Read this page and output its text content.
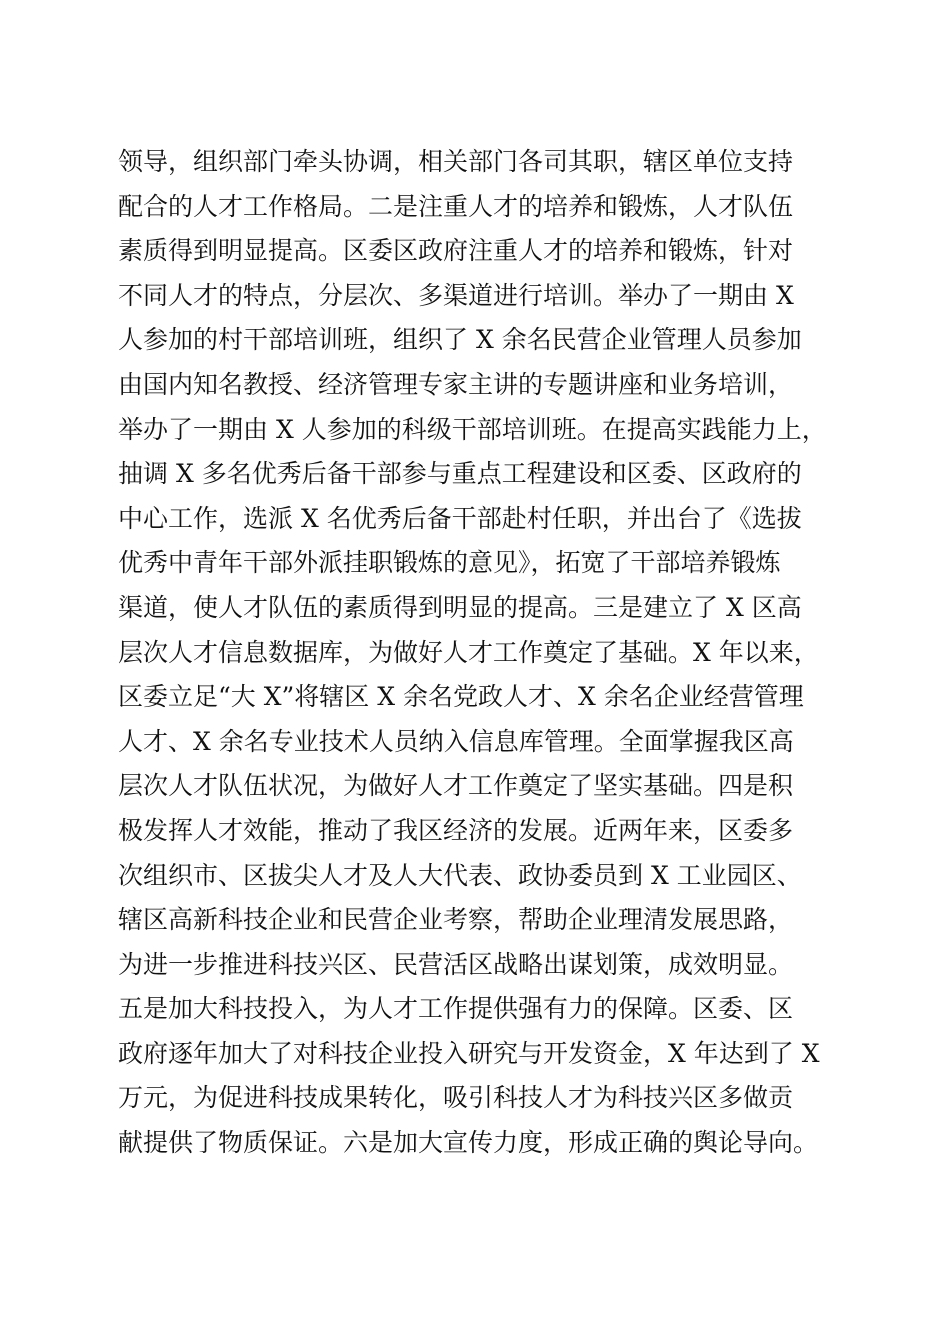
领导，组织部门牵头协调，相关部门各司其职，辖区单位支持
配合的人才工作格局。二是注重人才的培养和锻炼，人才队伍
素质得到明显提高。区委区政府注重人才的培养和锻炼，针对
不同人才的特点，分层次、多渠道进行培训。举办了一期由 X
人参加的村干部培训班，组织了 X 余名民营企业管理人员参加
由国内知名教授、经济管理专家主讲的专题讲座和业务培训，
举办了一期由 X 人参加的科级干部培训班。在提高实践能力上，
抽调 X 多名优秀后备干部参与重点工程建设和区委、区政府的
中心工作，选派 X 名优秀后备干部赴村任职，并出台了《选拔
优秀中青年干部外派挂职锻炼的意见》，拓宽了干部培养锻炼
渠道，使人才队伍的素质得到明显的提高。三是建立了 X 区高
层次人才信息数据库，为做好人才工作奠定了基础。X 年以来，
区委立足“大 X”将辖区 X 余名党政人才、X 余名企业经营管理
人才、X 余名专业技术人员纳入信息库管理。全面掌握我区高
层次人才队伍状况，为做好人才工作奠定了坚实基础。四是积
极发挥人才效能，推动了我区经济的发展。近两年来，区委多
次组织市、区拔尖人才及人大代表、政协委员到 X 工业园区、
辖区高新科技企业和民营企业考察，帮助企业理清发展思路，
为进一步推进科技兴区、民营活区战略出谋划策，成效明显。
五是加大科技投入，为人才工作提供强有力的保障。区委、区
政府逐年加大了对科技企业投入研究与开发资金，X 年达到了 X
万元，为促进科技成果转化，吸引科技人才为科技兴区多做贡
献提供了物质保证。六是加大宣传力度，形成正确的舆论导向。
